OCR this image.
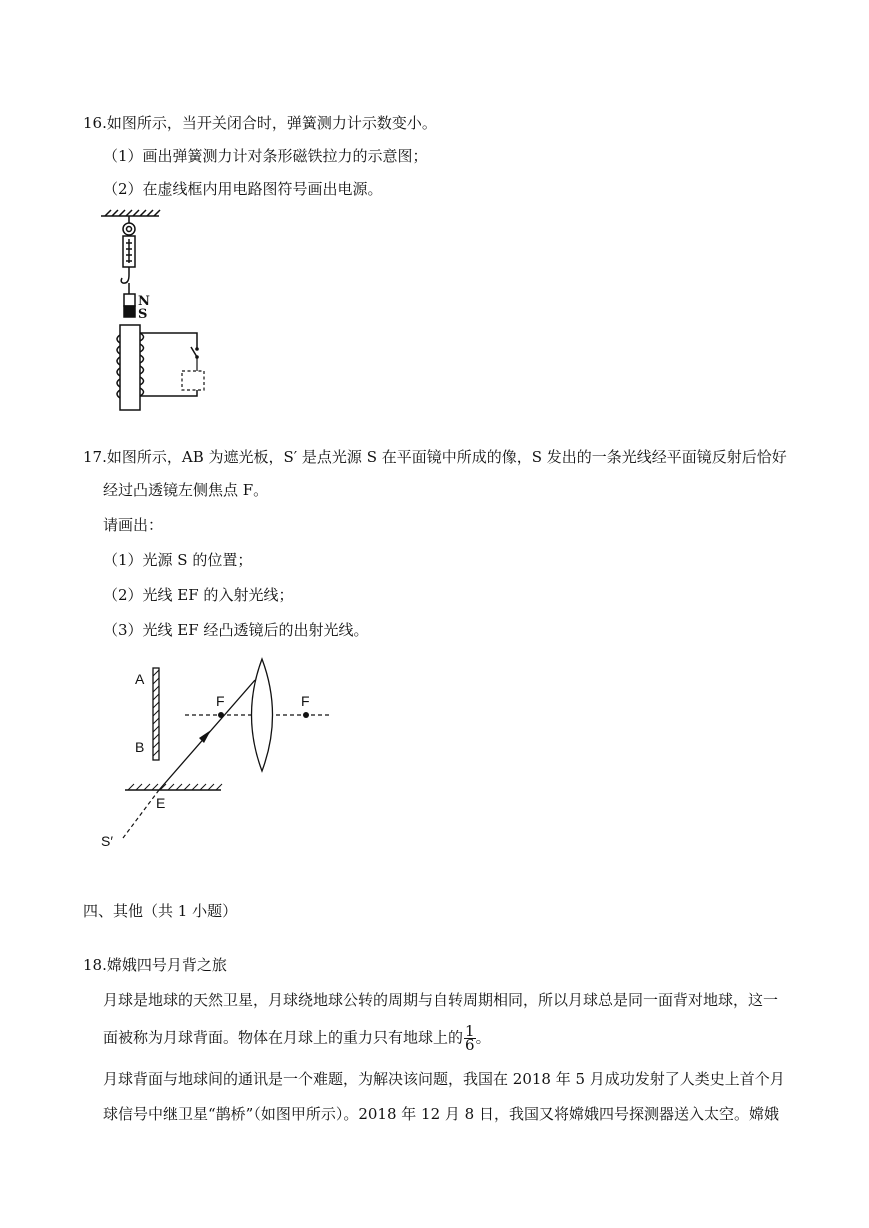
16.如图所示，当开关闭合时，弹簧测力计示数变小。
（1）画出弹簧测力计对条形磁铁拉力的示意图；
（2）在虚线框内用电路图符号画出电源。
N
S
17.如图所示，AB 为遮光板，S′ 是点光源 S 在平面镜中所成的像，S 发出的一条光线经平面镜反射后恰好
经过凸透镜左侧焦点 F。
请画出：
（1）光源 S 的位置；
（2）光线 EF 的入射光线；
（3）光线 EF 经凸透镜后的出射光线。
A
B
F	F
E
S′
四、其他（共 1 小题）
18.嫦娥四号月背之旅
月球是地球的天然卫星，月球绕地球公转的周期与自转周期相同，所以月球总是同一面背对地球，这一
面被称为月球背面。物体在月球上的重力只有地球上的 $\frac{1}{6}$ 。
月球背面与地球间的通讯是一个难题，为解决该问题，我国在 2018 年 5 月成功发射了人类史上首个月
球信号中继卫星“鹊桥”（如图甲所示）。2018 年 12 月 8 日，我国又将嫦娥四号探测器送入太空。嫦娥
